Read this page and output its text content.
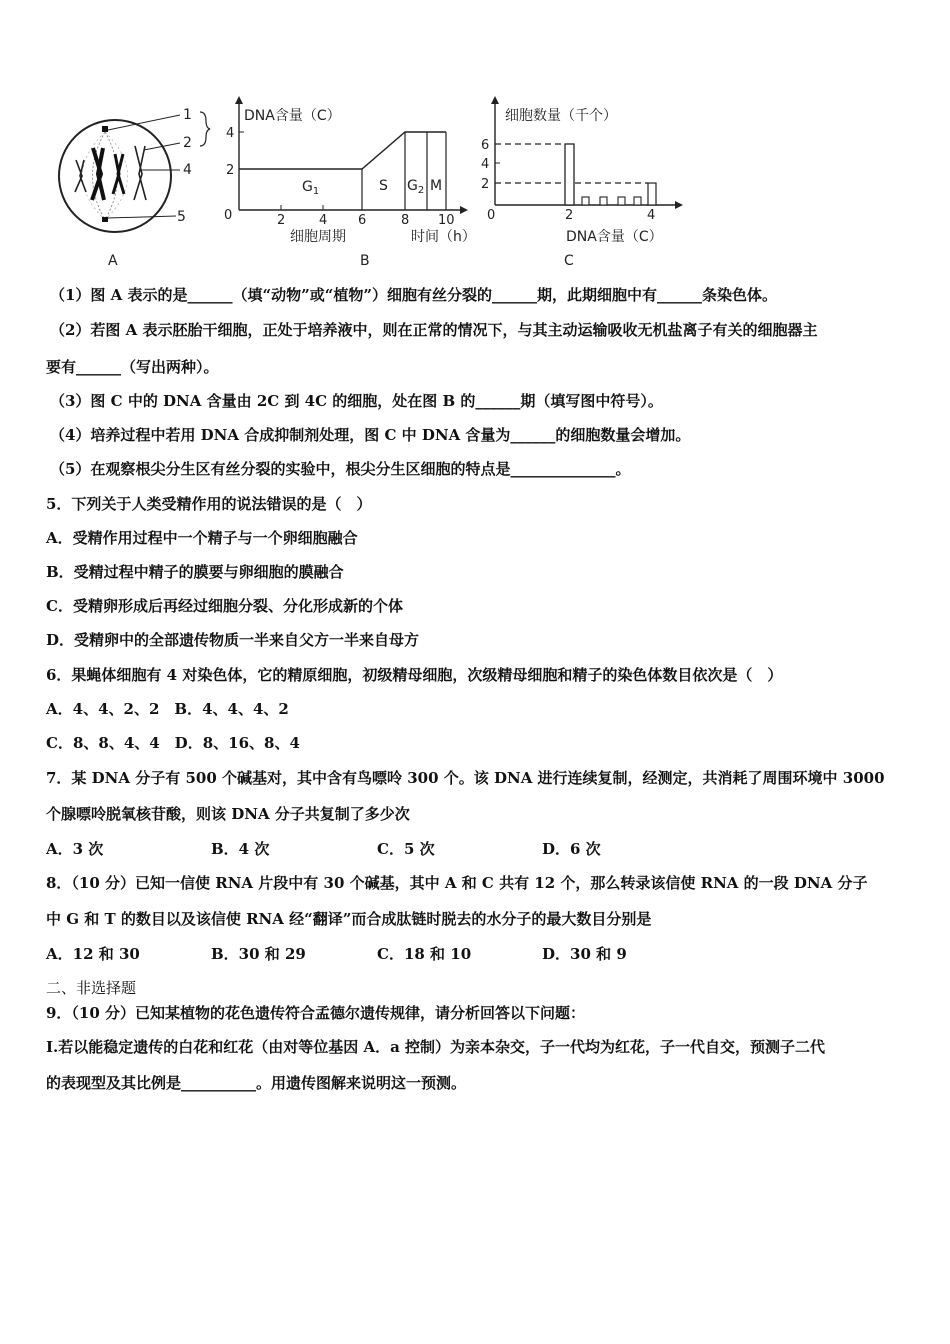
1
2
4
5
A
DNA含量（C）
2
4
0	2	4 6	8 10
$G_1$	S $G_2$ M
细胞周期	时间（h）
B
细胞数量（千个）
2
4
6
0	2	4
DNA含量（C）
C
（1）图 A 表示的是______（填“动物”或“植物”）细胞有丝分裂的______期，此期细胞中有______条染色体。
（2）若图 A 表示胚胎干细胞，正处于培养液中，则在正常的情况下，与其主动运输吸收无机盐离子有关的细胞器主
要有______（写出两种）。
（3）图 C 中的 DNA 含量由 2C 到 4C 的细胞，处在图 B 的______期（填写图中符号）。
（4）培养过程中若用 DNA 合成抑制剂处理，图 C 中 DNA 含量为______的细胞数量会增加。
（5）在观察根尖分生区有丝分裂的实验中，根尖分生区细胞的特点是______________。
5．下列关于人类受精作用的说法错误的是（　）
A．受精作用过程中一个精子与一个卵细胞融合
B．受精过程中精子的膜要与卵细胞的膜融合
C．受精卵形成后再经过细胞分裂、分化形成新的个体
D．受精卵中的全部遗传物质一半来自父方一半来自母方
6．果蝇体细胞有 4 对染色体，它的精原细胞，初级精母细胞，次级精母细胞和精子的染色体数目依次是（　）
A．4、4、2、2　B．4、4、4、2
C．8、8、4、4　D．8、16、8、4
7．某 DNA 分子有 500 个碱基对，其中含有鸟嘌呤 300 个。该 DNA 进行连续复制，经测定，共消耗了周围环境中 3000
个腺嘌呤脱氧核苷酸，则该 DNA 分子共复制了多少次
A．3 次	B．4 次	C．5 次	D．6 次
8．（10 分）已知一信使 RNA 片段中有 30 个碱基，其中 A 和 C 共有 12 个，那么转录该信使 RNA 的一段 DNA 分子
中 G 和 T 的数目以及该信使 RNA 经“翻译”而合成肽链时脱去的水分子的最大数目分别是
A．12 和 30	B．30 和 29	C．18 和 10	D．30 和 9
二、非选择题
9．（10 分）已知某植物的花色遗传符合孟德尔遗传规律，请分析回答以下问题：
I.若以能稳定遗传的白花和红花（由对等位基因 A．a 控制）为亲本杂交，子一代均为红花，子一代自交，预测子二代
的表现型及其比例是__________。用遗传图解来说明这一预测。
